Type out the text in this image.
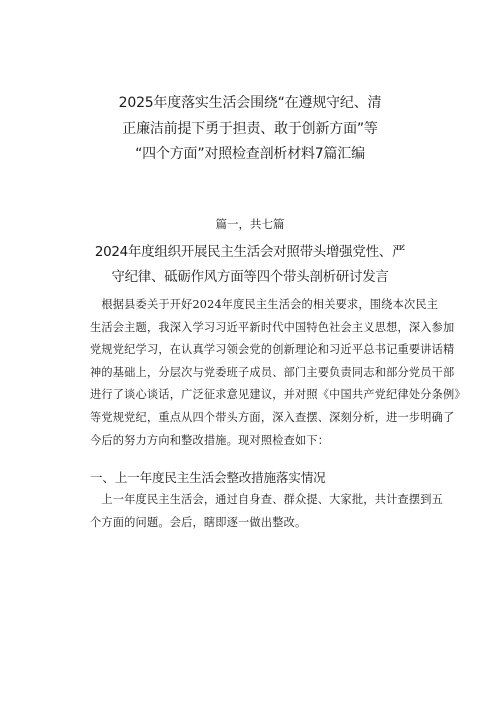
2025年度落实生活会围绕“在遵规守纪、清
正廉洁前提下勇于担责、敢于创新方面”等
“四个方面”对照检查剖析材料7篇汇编
篇一，共七篇
2024年度组织开展民主生活会对照带头增强党性、严
守纪律、砥砺作风方面等四个带头剖析研讨发言
　根据县委关于开好2024年度民主生活会的相关要求，围绕本次民主
生活会主题，我深入学习习近平新时代中国特色社会主义思想，深入参加
党规党纪学习，在认真学习领会党的创新理论和习近平总书记重要讲话精
神的基础上，分层次与党委班子成员、部门主要负责同志和部分党员干部
进行了谈心谈话，广泛征求意见建议，并对照《中国共产党纪律处分条例》
等党规党纪，重点从四个带头方面，深入查摆、深刻分析，进一步明确了
今后的努力方向和整改措施。现对照检查如下：
一、上一年度民主生活会整改措施落实情况
　上一年度民主生活会，通过自身查、群众提、大家批，共计查摆到五
个方面的问题。会后，瞎即逐一做出整改。
